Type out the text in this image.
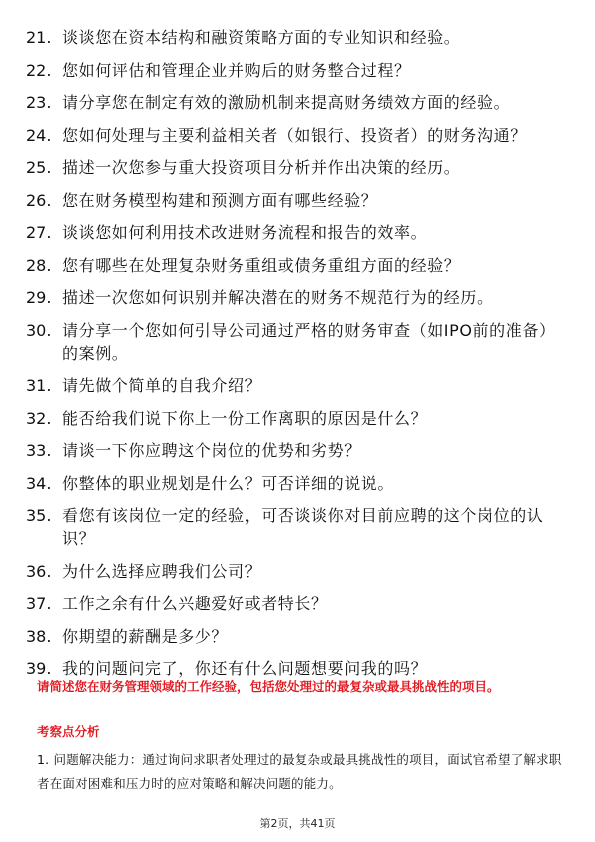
21. 谈谈您在资本结构和融资策略方面的专业知识和经验。
22. 您如何评估和管理企业并购后的财务整合过程？
23. 请分享您在制定有效的激励机制来提高财务绩效方面的经验。
24. 您如何处理与主要利益相关者（如银行、投资者）的财务沟通？
25. 描述一次您参与重大投资项目分析并作出决策的经历。
26. 您在财务模型构建和预测方面有哪些经验？
27. 谈谈您如何利用技术改进财务流程和报告的效率。
28. 您有哪些在处理复杂财务重组或债务重组方面的经验？
29. 描述一次您如何识别并解决潜在的财务不规范行为的经历。
30. 请分享一个您如何引导公司通过严格的财务审查（如IPO前的准备）的案例。
31. 请先做个简单的自我介绍？
32. 能否给我们说下你上一份工作离职的原因是什么？
33. 请谈一下你应聘这个岗位的优势和劣势？
34. 你整体的职业规划是什么？可否详细的说说。
35. 看您有该岗位一定的经验，可否谈谈你对目前应聘的这个岗位的认识？
36. 为什么选择应聘我们公司？
37. 工作之余有什么兴趣爱好或者特长？
38. 你期望的薪酬是多少？
39. 我的问题问完了，你还有什么问题想要问我的吗？

请简述您在财务管理领域的工作经验，包括您处理过的最复杂或最具挑战性的项目。

考察点分析

1. 问题解决能力：通过询问求职者处理过的最复杂或最具挑战性的项目，面试官希望了解求职者在面对困难和压力时的应对策略和解决问题的能力。

第2页，共41页
